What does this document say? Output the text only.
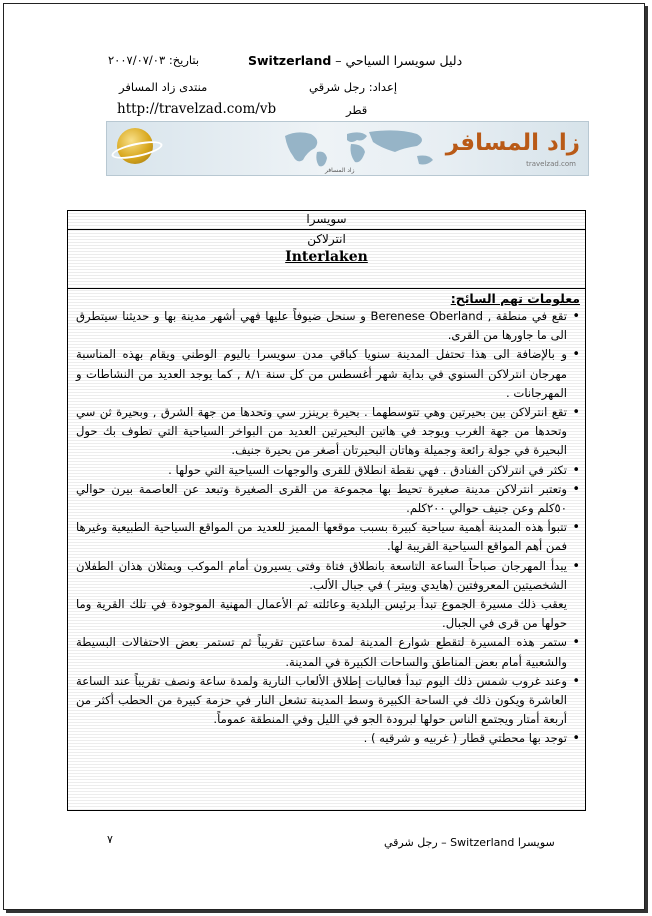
دليل سويسرا السياحي – Switzerland
بتاريخ: ٢٠٠٧/٠٧/٠٣
إعداد: رجل شرقي
منتدى زاد المسافر
http://travelzad.com/vb	قطر
زاد المسافر
travelzad.com
زاد المسافر
سويسرا
انترلاكن
Interlaken
معلومات تهم السائح:
• تقع في منطقة , Berenese Oberland و سنحل ضيوفاً عليها فهي أشهر مدينة بها و حديثنا سيتطرق الى ما جاورها من القرى.
• و بالإضافة الى هذا تحتفل المدينة سنويا كباقي مدن سويسرا باليوم الوطني ويقام بهذه المناسبة مهرجان انترلاكن السنوي في بداية شهر أغسطس من كل سنة ٨/١ , كما يوجد العديد من النشاطات و المهرجانات .
• تقع انترلاكن بين بحيرتين وهي تتوسطهما . بحيرة برينزر سي وتحدها من جهة الشرق , وبحيرة ثن سي وتحدها من جهة الغرب ويوجد في هاتين البحيرتين العديد من البواخر السياحية التي تطوف بك حول البحيرة في جولة رائعة وجميلة وهاتان البحيرتان أصغر من بحيرة جنيف.
• تكثر في انترلاكن الفنادق . فهي نقطة انطلاق للقرى والوجهات السياحية التي حولها .
• وتعتبر انترلاكن مدينة صغيرة تحيط بها مجموعة من القرى الصغيرة وتبعد عن العاصمة بيرن حوالي ٥٠كلم وعن جنيف حوالي ٢٠٠كلم.
• تتبوأ هذه المدينة أهمية سياحية كبيرة بسبب موقعها المميز للعديد من المواقع السياحية الطبيعية وغيرها فمن أهم المواقع السياحية القريبة لها.
• يبدأ المهرجان صباحاً الساعة التاسعة بانطلاق فتاة وفتى يسيرون أمام الموكب ويمثلان هذان الطفلان الشخصيتين المعروفتين (هايدي وبيتر ) في جبال الألب.
يعقب ذلك مسيرة الجموع تبدأ برئيس البلدية وعائلته ثم الأعمال المهنية الموجودة في تلك القرية وما حولها من قرى في الجبال.
• ستمر هذه المسيرة لتقطع شوارع المدينة لمدة ساعتين تقريباً ثم تستمر بعض الاحتفالات البسيطة والشعبية أمام بعض المناطق والساحات الكبيرة في المدينة.
• وعند غروب شمس ذلك اليوم تبدأ فعاليات إطلاق الألعاب النارية ولمدة ساعة ونصف تقريباً عند الساعة العاشرة ويكون ذلك في الساحة الكبيرة وسط المدينة تشعل النار في حزمة كبيرة من الحطب أكثر من أربعة أمتار ويجتمع الناس حولها لبرودة الجو في الليل وفي المنطقة عموماً.
• توجد بها محطتي قطار ( غربيه و شرقيه ) .
٧	سويسرا Switzerland – رجل شرقي
